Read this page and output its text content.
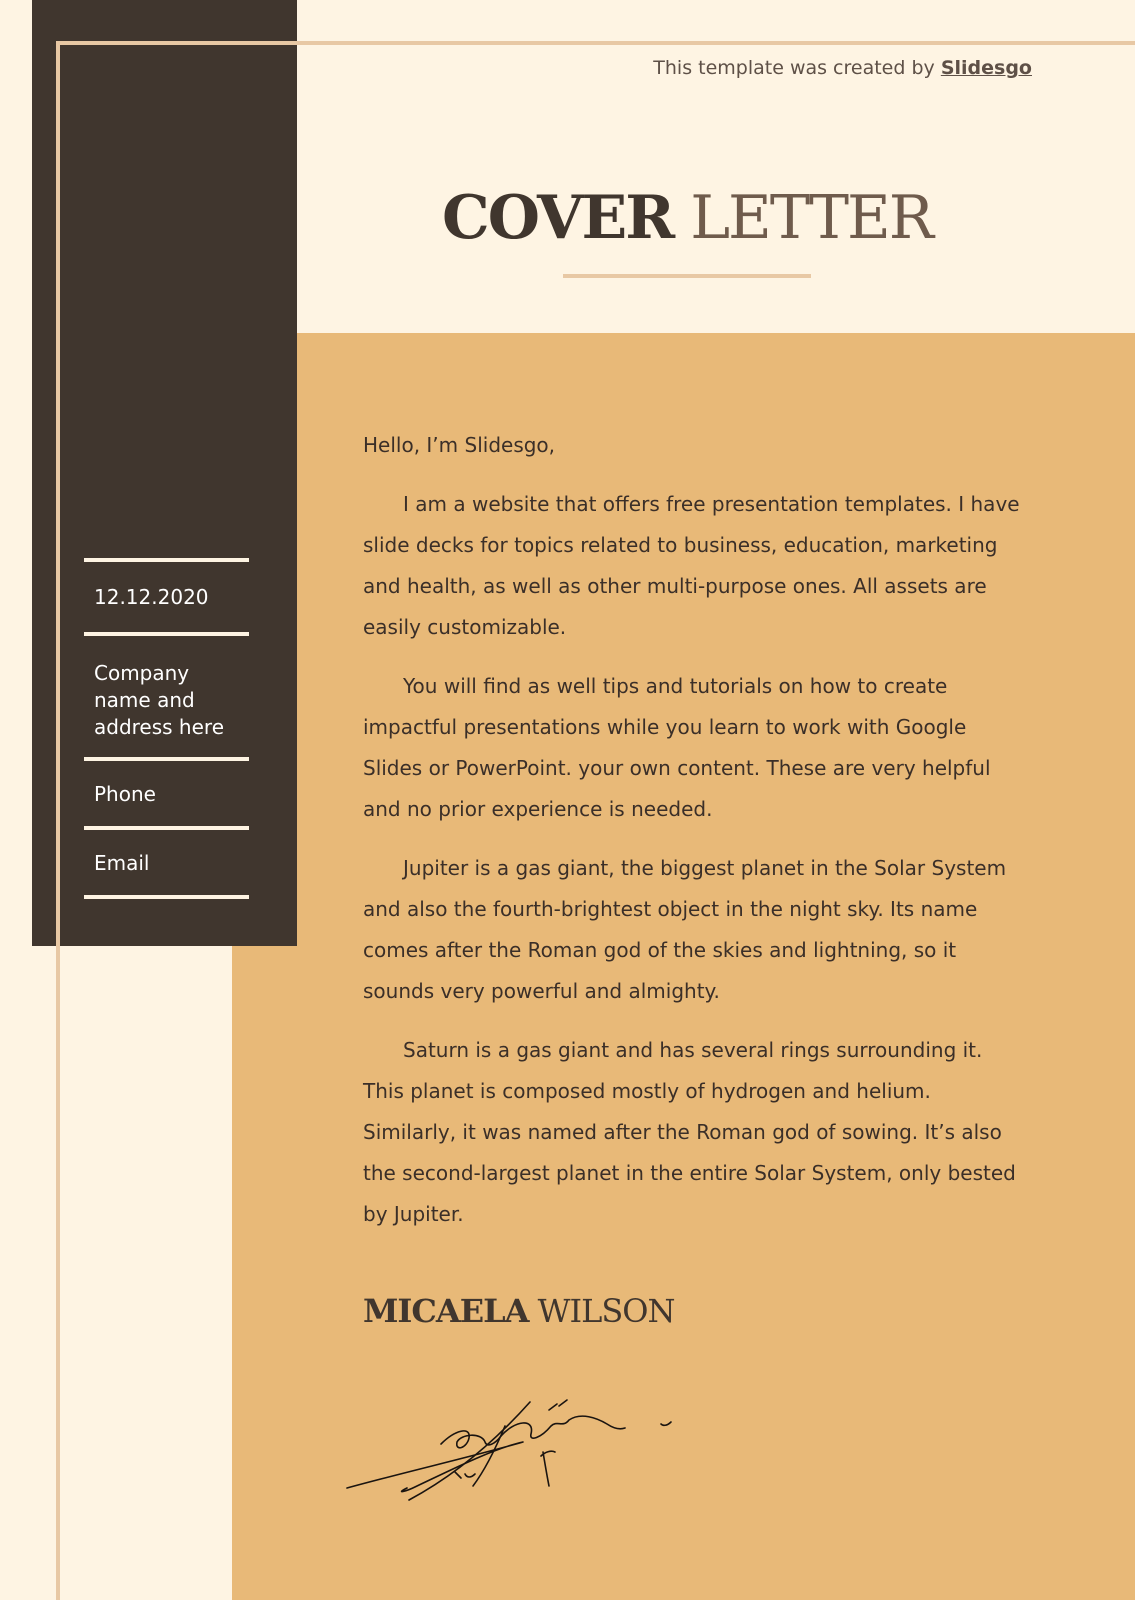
This template was created by Slidesgo
COVER LETTER
12.12.2020
Company name and address here
Phone
Email

Hello, I’m Slidesgo,

I am a website that offers free presentation templates. I have slide decks for topics related to business, education, marketing and health, as well as other multi-purpose ones. All assets are easily customizable.

You will find as well tips and tutorials on how to create impactful presentations while you learn to work with Google Slides or PowerPoint. your own content. These are very helpful and no prior experience is needed.

Jupiter is a gas giant, the biggest planet in the Solar System and also the fourth-brightest object in the night sky. Its name comes after the Roman god of the skies and lightning, so it sounds very powerful and almighty.

Saturn is a gas giant and has several rings surrounding it. This planet is composed mostly of hydrogen and helium. Similarly, it was named after the Roman god of sowing. It’s also the second-largest planet in the entire Solar System, only bested by Jupiter.

MICAELA WILSON
